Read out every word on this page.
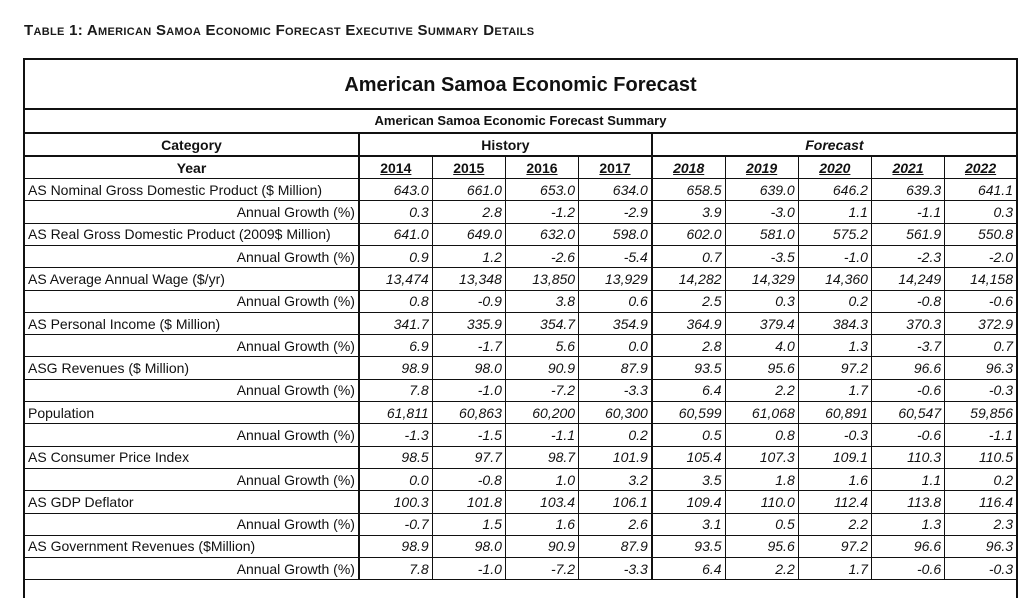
Table 1: American Samoa Economic Forecast Executive Summary Details
American Samoa Economic Forecast
American Samoa Economic Forecast Summary
Category	History				Forecast				
Year	2014	2015	2016	2017	2018	2019	2020	2021	2022
AS Nominal Gross Domestic Product ($ Million)	643.0	661.0	653.0	634.0	658.5	639.0	646.2	639.3	641.1
Annual Growth (%)	0.3	2.8	-1.2	-2.9	3.9	-3.0	1.1	-1.1	0.3
AS Real Gross Domestic Product (2009$ Million)	641.0	649.0	632.0	598.0	602.0	581.0	575.2	561.9	550.8
Annual Growth (%)	0.9	1.2	-2.6	-5.4	0.7	-3.5	-1.0	-2.3	-2.0
AS Average Annual Wage ($/yr)	13,474	13,348	13,850	13,929	14,282	14,329	14,360	14,249	14,158
Annual Growth (%)	0.8	-0.9	3.8	0.6	2.5	0.3	0.2	-0.8	-0.6
AS Personal Income ($ Million)	341.7	335.9	354.7	354.9	364.9	379.4	384.3	370.3	372.9
Annual Growth (%)	6.9	-1.7	5.6	0.0	2.8	4.0	1.3	-3.7	0.7
ASG Revenues ($ Million)	98.9	98.0	90.9	87.9	93.5	95.6	97.2	96.6	96.3
Annual Growth (%)	7.8	-1.0	-7.2	-3.3	6.4	2.2	1.7	-0.6	-0.3
Population	61,811	60,863	60,200	60,300	60,599	61,068	60,891	60,547	59,856
Annual Growth (%)	-1.3	-1.5	-1.1	0.2	0.5	0.8	-0.3	-0.6	-1.1
AS Consumer Price Index	98.5	97.7	98.7	101.9	105.4	107.3	109.1	110.3	110.5
Annual Growth (%)	0.0	-0.8	1.0	3.2	3.5	1.8	1.6	1.1	0.2
AS GDP Deflator	100.3	101.8	103.4	106.1	109.4	110.0	112.4	113.8	116.4
Annual Growth (%)	-0.7	1.5	1.6	2.6	3.1	0.5	2.2	1.3	2.3
AS Government Revenues ($Million)	98.9	98.0	90.9	87.9	93.5	95.6	97.2	96.6	96.3
Annual Growth (%)	7.8	-1.0	-7.2	-3.3	6.4	2.2	1.7	-0.6	-0.3
